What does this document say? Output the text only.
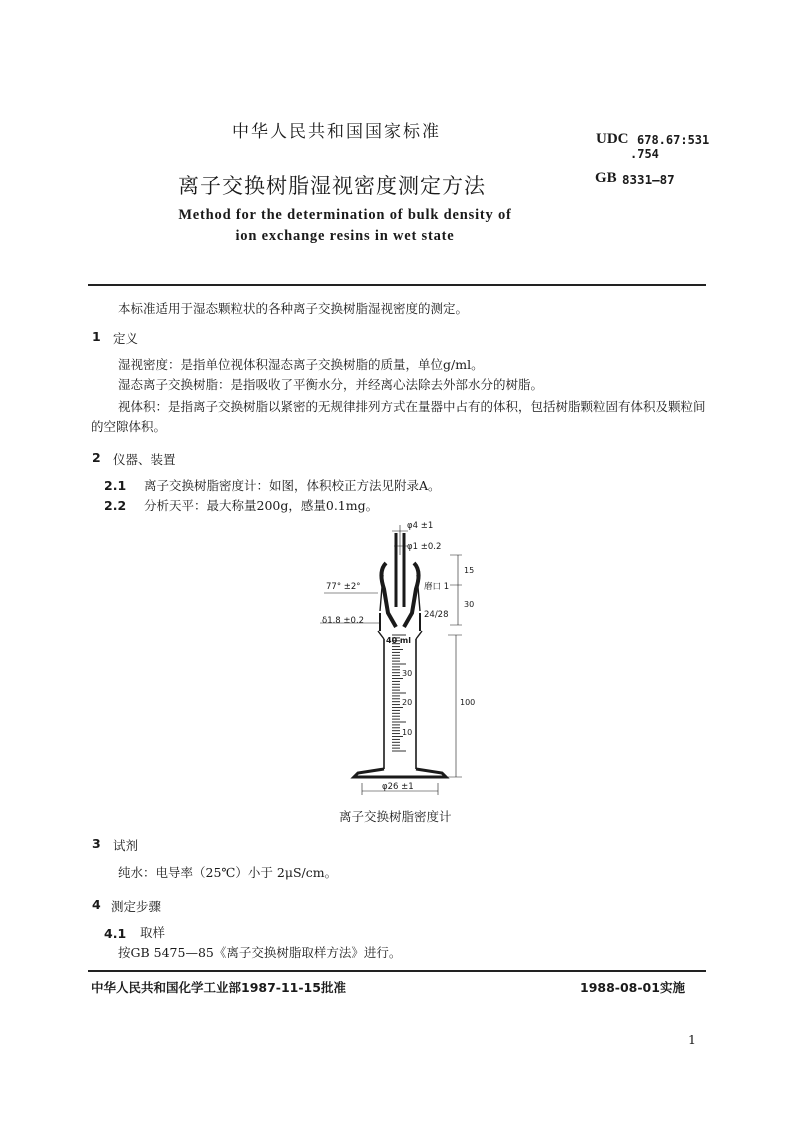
中华人民共和国国家标准	UDC 678.67:531
.754
离子交换树脂湿视密度测定方法	GB 8331—87
Method for the determination of bulk density of
ion exchange resins in wet state
本标准适用于湿态颗粒状的各种离子交换树脂湿视密度的测定。
1 定义
湿视密度：是指单位视体积湿态离子交换树脂的质量，单位g/ml。
湿态离子交换树脂：是指吸收了平衡水分，并经离心法除去外部水分的树脂。
视体积：是指离子交换树脂以紧密的无规律排列方式在量器中占有的体积，包括树脂颗粒固有体积及颗粒间的空隙体积。
2 仪器、装置
2.1 离子交换树脂密度计：如图，体积校正方法见附录A。
2.2 分析天平：最大称量200g，感量0.1mg。
φ4 ±1
φ1 ±0.2
77° ±2°	磨口 1
24/28
δ1.8 ±0.2
15
30
100
φ26 ±1
40 ml
30
20
10
离子交换树脂密度计
3 试剂
纯水：电导率（25℃）小于 2μS/cm。
4 测定步骤
4.1 取样
按GB 5475—85《离子交换树脂取样方法》进行。
中华人民共和国化学工业部1987-11-15批准	1988-08-01实施
1
